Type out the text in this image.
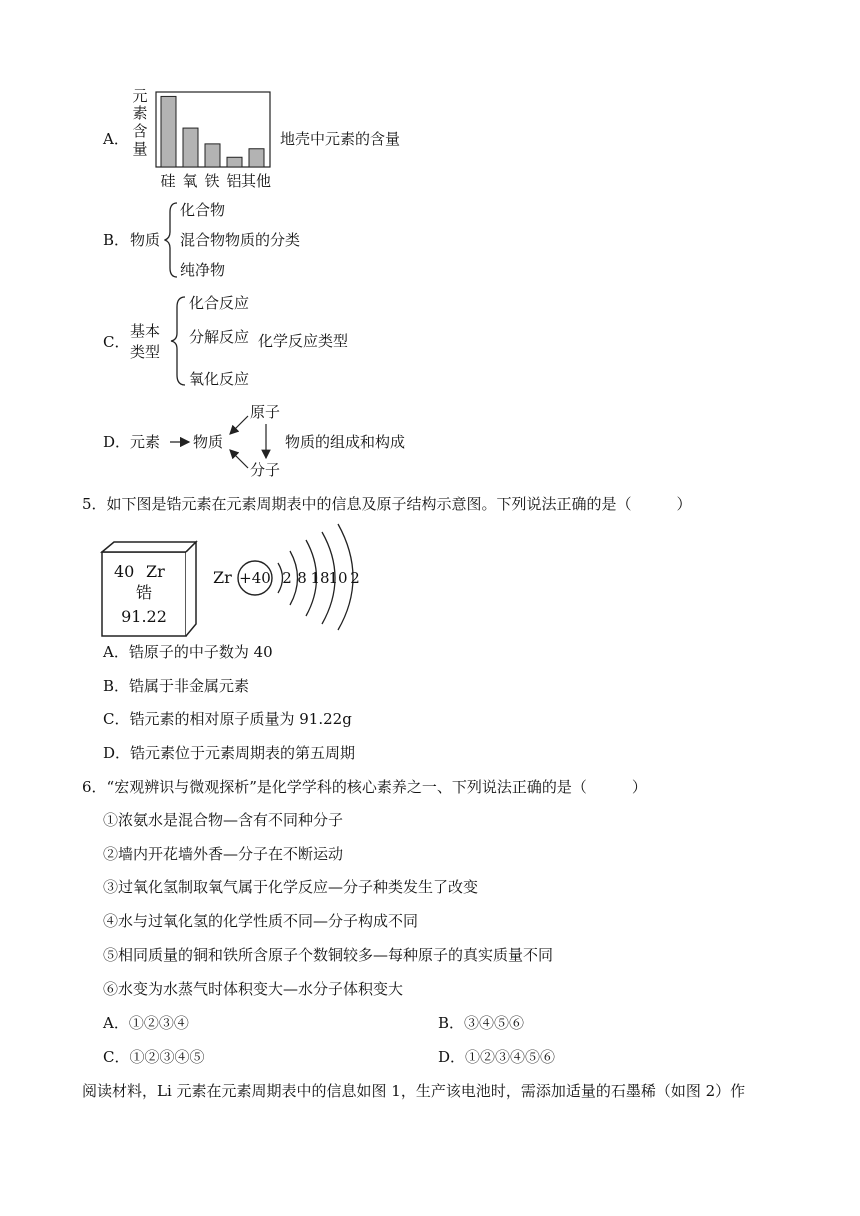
A．
元
素
含
量
硅 氧 铁 铝 其他
地壳中元素的含量
B． 物质
化合物
混合物 物质的分类
纯净物
C．
基本
类型
化合反应
分解反应 化学反应类型
氧化反应
D． 元素 物质
原子
分子
物质的组成和构成
5．如下图是锆元素在元素周期表中的信息及原子结构示意图。下列说法正确的是（　　　）
40 Zr
锆
91.22
Zr +40 2 8 18
10 2
A．锆原子的中子数为 40
B．锆属于非金属元素
C．锆元素的相对原子质量为 91.22g
D．锆元素位于元素周期表的第五周期
6．“宏观辨识与微观探析”是化学学科的核心素养之一、下列说法正确的是（　　　）
①浓氨水是混合物—含有不同种分子
②墙内开花墙外香—分子在不断运动
③过氧化氢制取氧气属于化学反应—分子种类发生了改变
④水与过氧化氢的化学性质不同—分子构成不同
⑤相同质量的铜和铁所含原子个数铜较多—每种原子的真实质量不同
⑥水变为水蒸气时体积变大—水分子体积变大
A．①②③④	B．③④⑤⑥
C．①②③④⑤	D．①②③④⑤⑥
阅读材料，Li 元素在元素周期表中的信息如图 1，生产该电池时，需添加适量的石墨稀（如图 2）作
